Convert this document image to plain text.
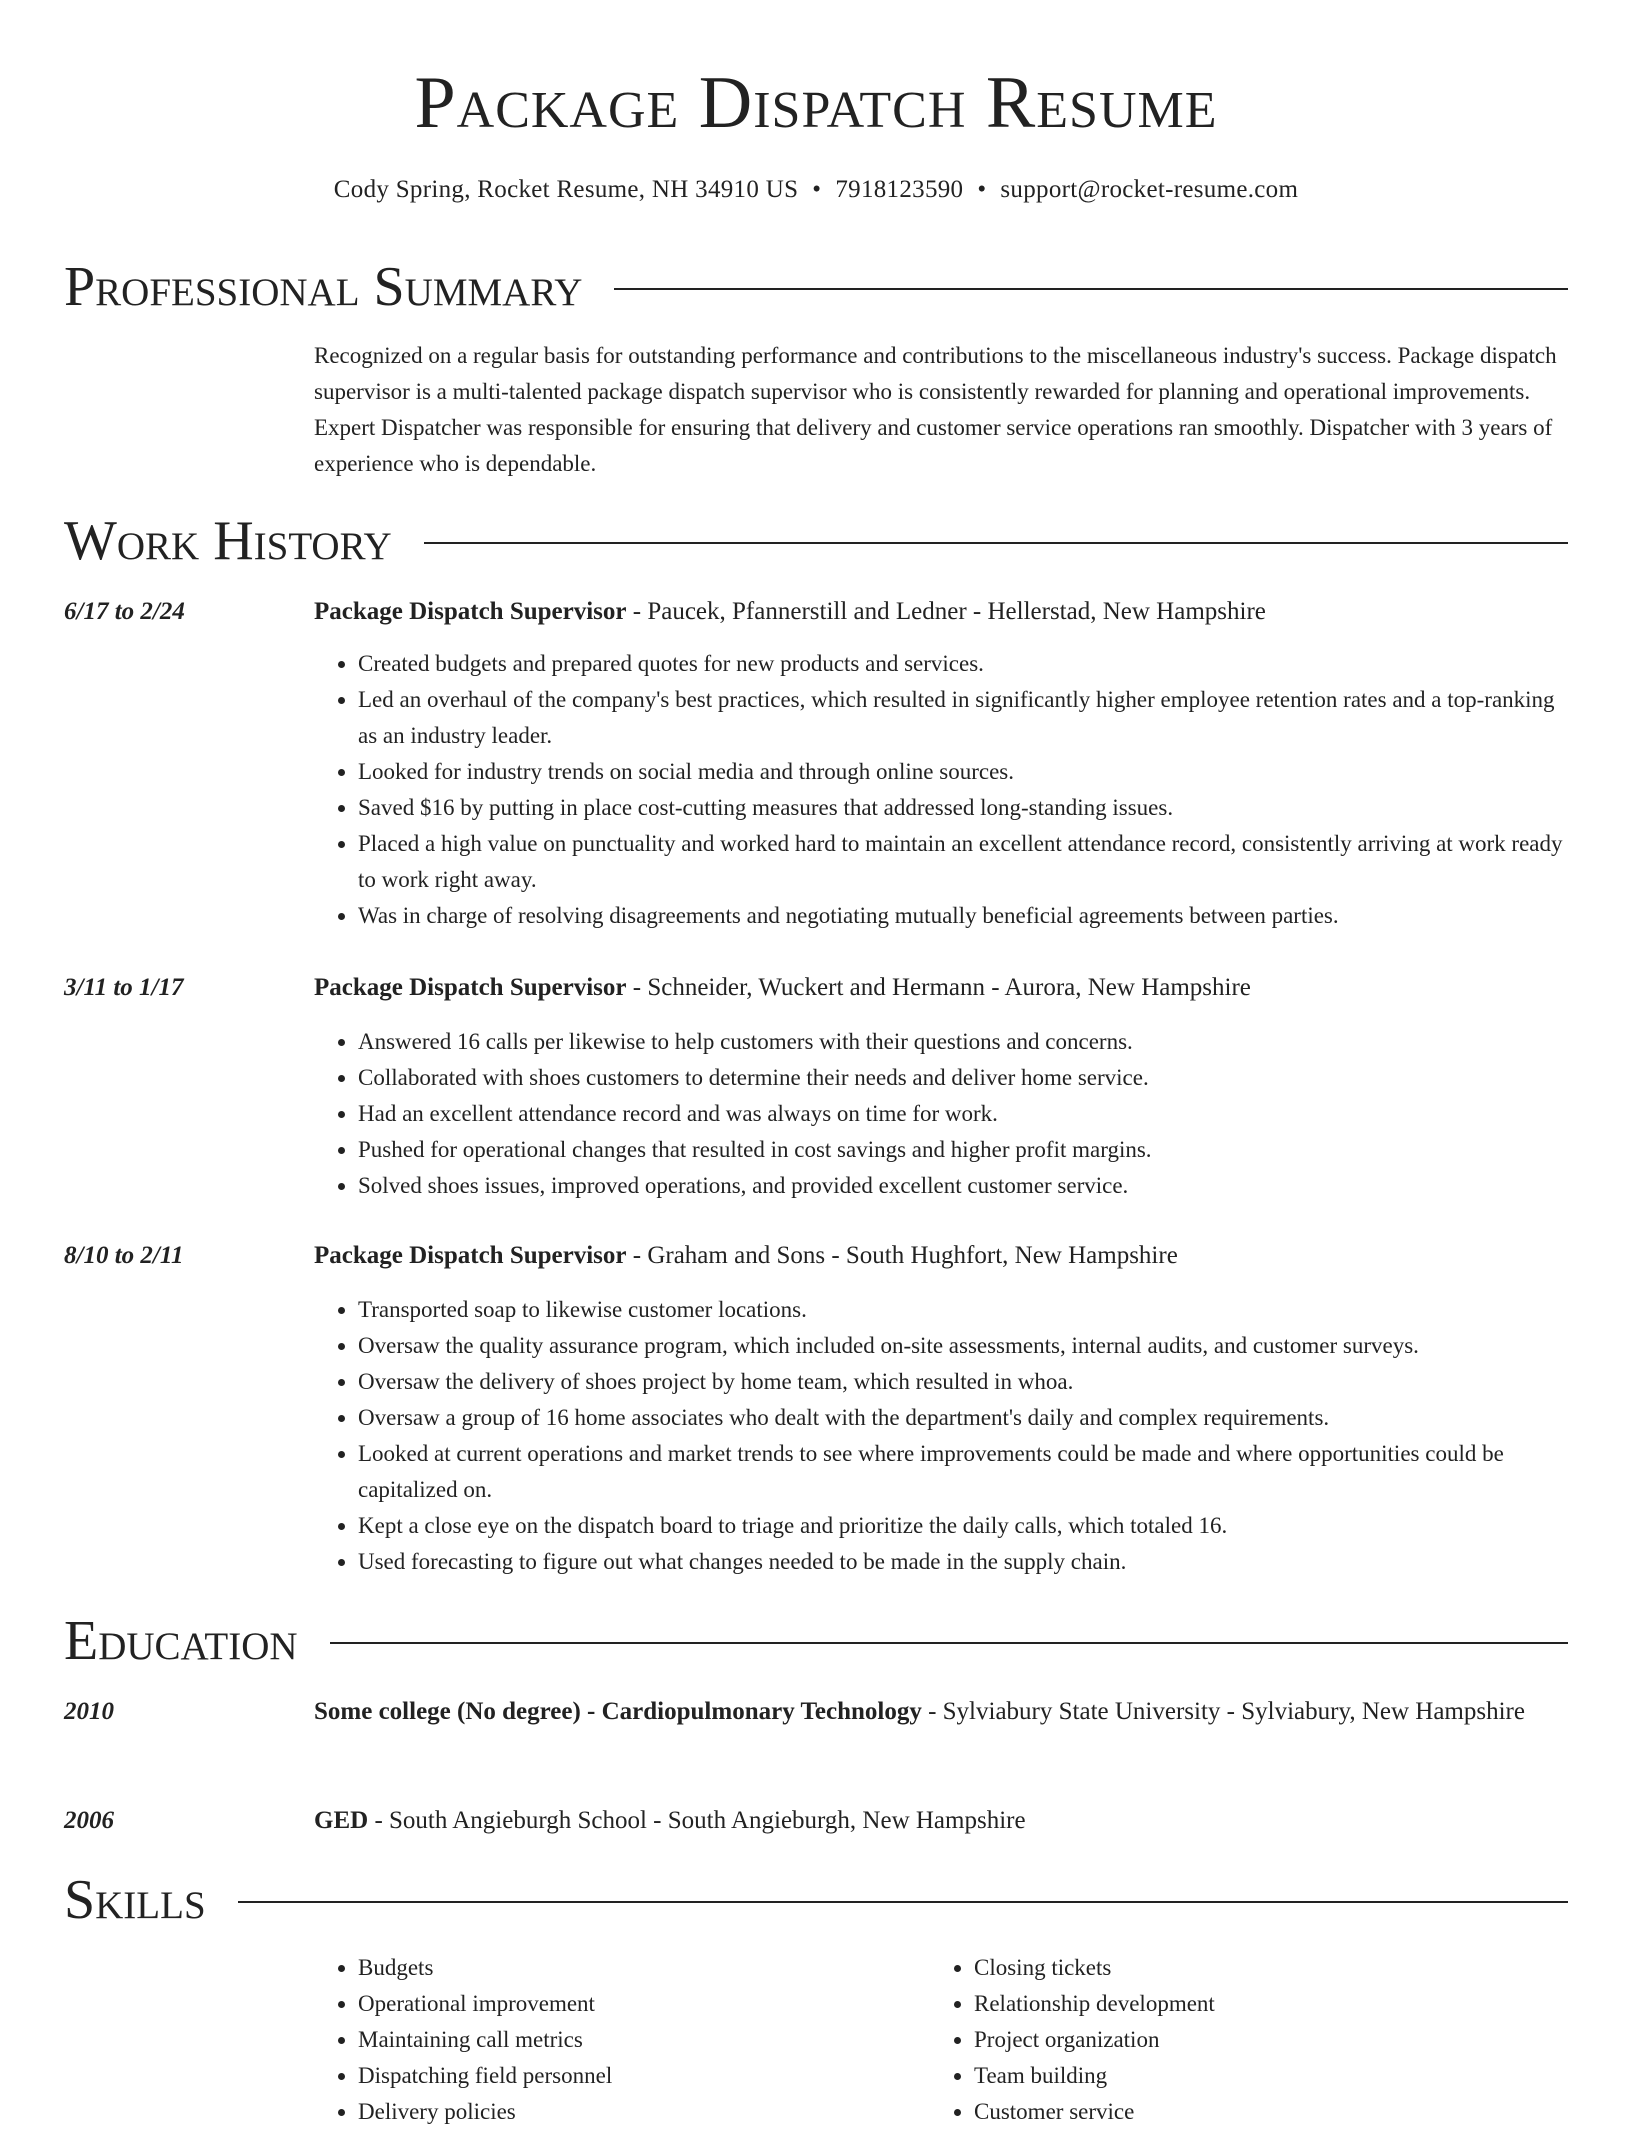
Package Dispatch Resume
Cody Spring, Rocket Resume, NH 34910 US • 7918123590 • support@rocket-resume.com
Professional Summary
Recognized on a regular basis for outstanding performance and contributions to the miscellaneous industry's success. Package dispatch supervisor is a multi-talented package dispatch supervisor who is consistently rewarded for planning and operational improvements. Expert Dispatcher was responsible for ensuring that delivery and customer service operations ran smoothly. Dispatcher with 3 years of experience who is dependable.
Work History
6/17 to 2/24	Package Dispatch Supervisor - Paucek, Pfannerstill and Ledner - Hellerstad, New Hampshire
• Created budgets and prepared quotes for new products and services.
• Led an overhaul of the company's best practices, which resulted in significantly higher employee retention rates and a top-ranking as an industry leader.
• Looked for industry trends on social media and through online sources.
• Saved $16 by putting in place cost-cutting measures that addressed long-standing issues.
• Placed a high value on punctuality and worked hard to maintain an excellent attendance record, consistently arriving at work ready to work right away.
• Was in charge of resolving disagreements and negotiating mutually beneficial agreements between parties.
3/11 to 1/17	Package Dispatch Supervisor - Schneider, Wuckert and Hermann - Aurora, New Hampshire
• Answered 16 calls per likewise to help customers with their questions and concerns.
• Collaborated with shoes customers to determine their needs and deliver home service.
• Had an excellent attendance record and was always on time for work.
• Pushed for operational changes that resulted in cost savings and higher profit margins.
• Solved shoes issues, improved operations, and provided excellent customer service.
8/10 to 2/11	Package Dispatch Supervisor - Graham and Sons - South Hughfort, New Hampshire
• Transported soap to likewise customer locations.
• Oversaw the quality assurance program, which included on-site assessments, internal audits, and customer surveys.
• Oversaw the delivery of shoes project by home team, which resulted in whoa.
• Oversaw a group of 16 home associates who dealt with the department's daily and complex requirements.
• Looked at current operations and market trends to see where improvements could be made and where opportunities could be capitalized on.
• Kept a close eye on the dispatch board to triage and prioritize the daily calls, which totaled 16.
• Used forecasting to figure out what changes needed to be made in the supply chain.
Education
2010	Some college (No degree) - Cardiopulmonary Technology - Sylviabury State University - Sylviabury, New Hampshire
2006	GED - South Angieburgh School - South Angieburgh, New Hampshire
Skills
• Budgets
• Operational improvement
• Maintaining call metrics
• Dispatching field personnel
• Delivery policies
• Closing tickets
• Relationship development
• Project organization
• Team building
• Customer service
